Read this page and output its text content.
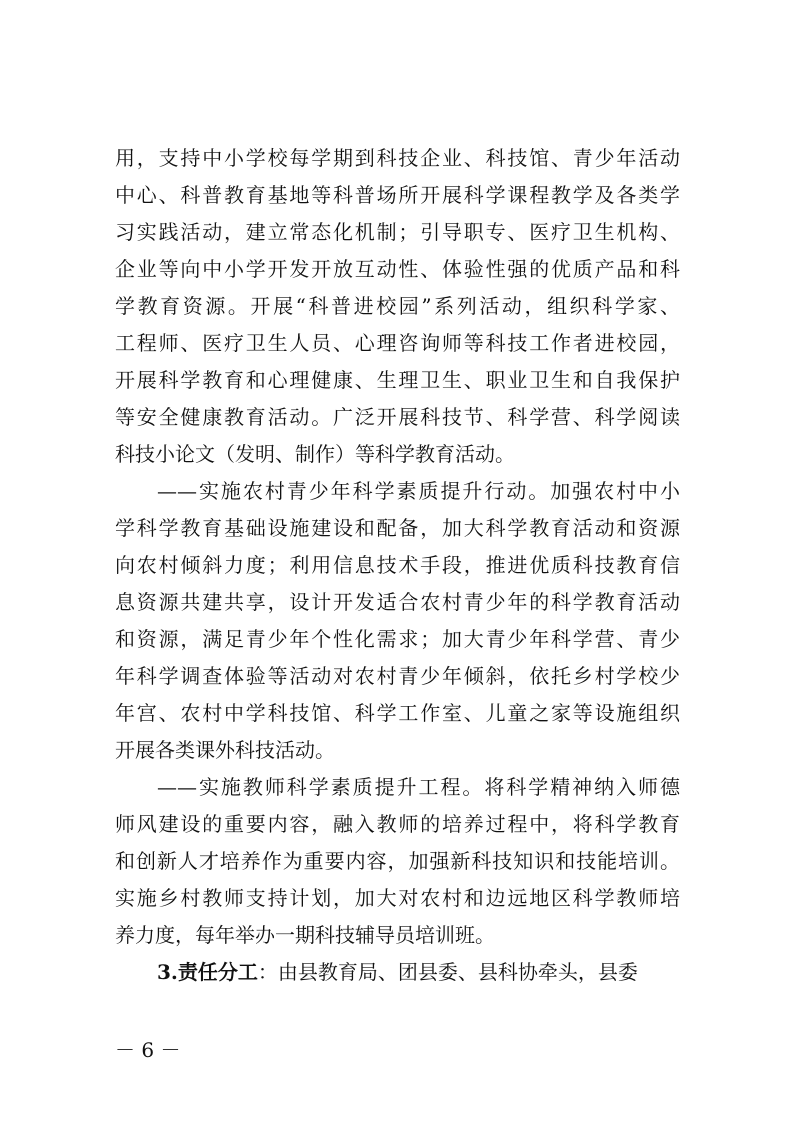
用，支持中小学校每学期到科技企业、科技馆、青少年活动
中心、科普教育基地等科普场所开展科学课程教学及各类学
习实践活动，建立常态化机制；引导职专、医疗卫生机构、
企业等向中小学开发开放互动性、体验性强的优质产品和科
学教育资源。开展“科普进校园”系列活动，组织科学家、
工程师、医疗卫生人员、心理咨询师等科技工作者进校园，
开展科学教育和心理健康、生理卫生、职业卫生和自我保护
等安全健康教育活动。广泛开展科技节、科学营、科学阅读
科技小论文（发明、制作）等科学教育活动。
——实施农村青少年科学素质提升行动。加强农村中小
学科学教育基础设施建设和配备，加大科学教育活动和资源
向农村倾斜力度；利用信息技术手段，推进优质科技教育信
息资源共建共享，设计开发适合农村青少年的科学教育活动
和资源，满足青少年个性化需求；加大青少年科学营、青少
年科学调查体验等活动对农村青少年倾斜，依托乡村学校少
年宫、农村中学科技馆、科学工作室、儿童之家等设施组织
开展各类课外科技活动。
——实施教师科学素质提升工程。将科学精神纳入师德
师风建设的重要内容，融入教师的培养过程中，将科学教育
和创新人才培养作为重要内容，加强新科技知识和技能培训。
实施乡村教师支持计划，加大对农村和边远地区科学教师培
养力度，每年举办一期科技辅导员培训班。
3.责任分工：由县教育局、团县委、县科协牵头，县委
－ 6 －
